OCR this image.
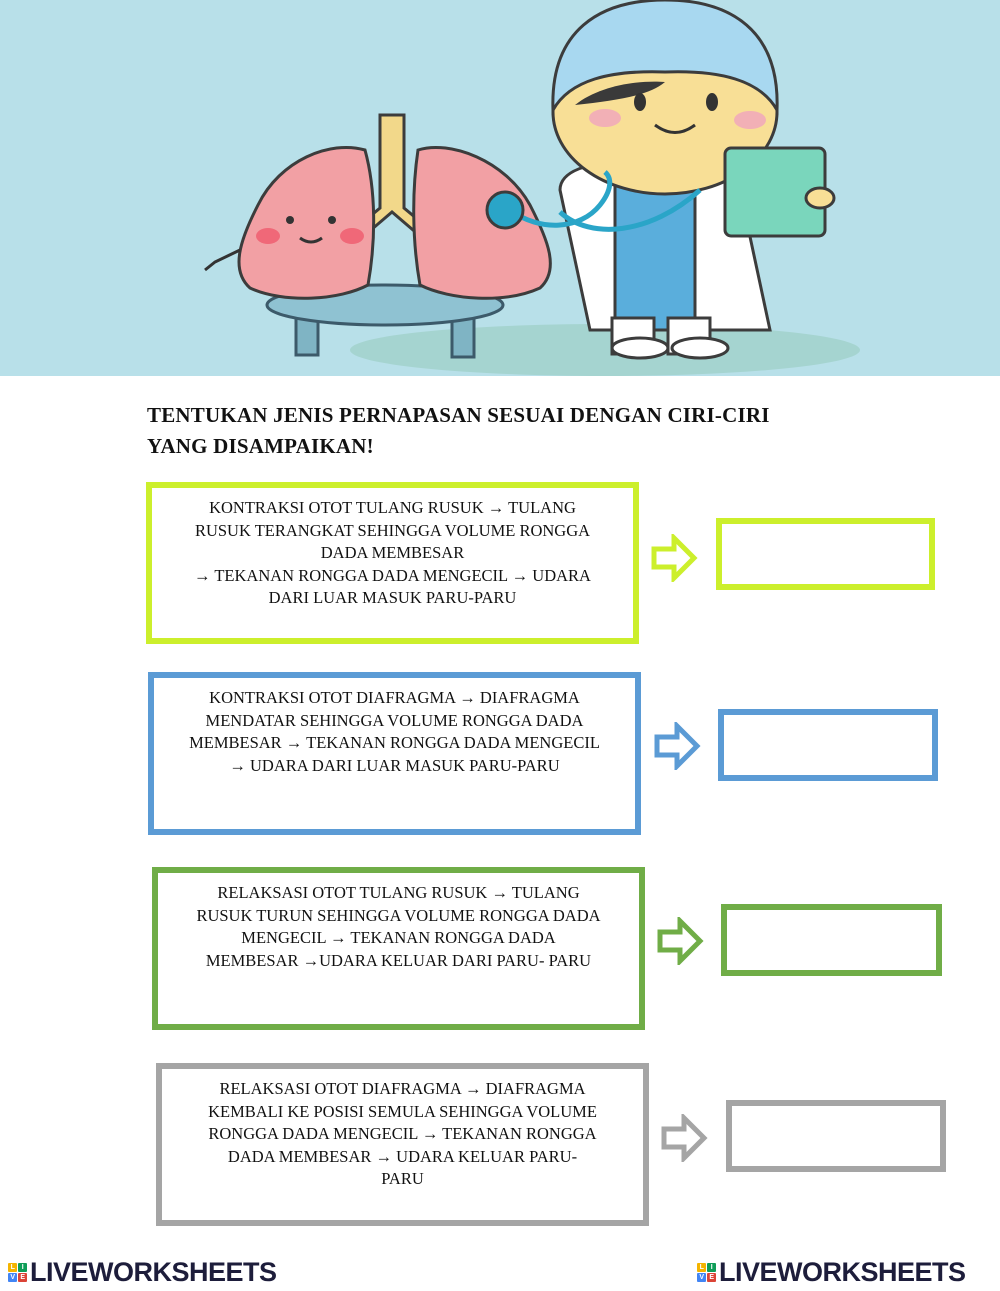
TENTUKAN JENIS PERNAPASAN SESUAI DENGAN CIRI-CIRI
YANG DISAMPAIKAN!
KONTRAKSI OTOT TULANG RUSUK → TULANG
RUSUK TERANGKAT SEHINGGA VOLUME RONGGA
DADA MEMBESAR
→ TEKANAN RONGGA DADA MENGECIL → UDARA
DARI LUAR MASUK PARU-PARU
KONTRAKSI OTOT DIAFRAGMA → DIAFRAGMA
MENDATAR SEHINGGA VOLUME RONGGA DADA
MEMBESAR → TEKANAN RONGGA DADA MENGECIL
→ UDARA DARI LUAR MASUK PARU-PARU
RELAKSASI OTOT TULANG RUSUK → TULANG
RUSUK TURUN SEHINGGA VOLUME RONGGA DADA
MENGECIL → TEKANAN RONGGA DADA
MEMBESAR →UDARA KELUAR DARI PARU- PARU
RELAKSASI OTOT DIAFRAGMA → DIAFRAGMA
KEMBALI KE POSISI SEMULA SEHINGGA VOLUME
RONGGA DADA MENGECIL → TEKANAN RONGGA
DADA MEMBESAR → UDARA KELUAR PARU-
PARU
L	I
V E LIVEWORKSHEETS	L	I
V E LIVEWORKSHEETS
